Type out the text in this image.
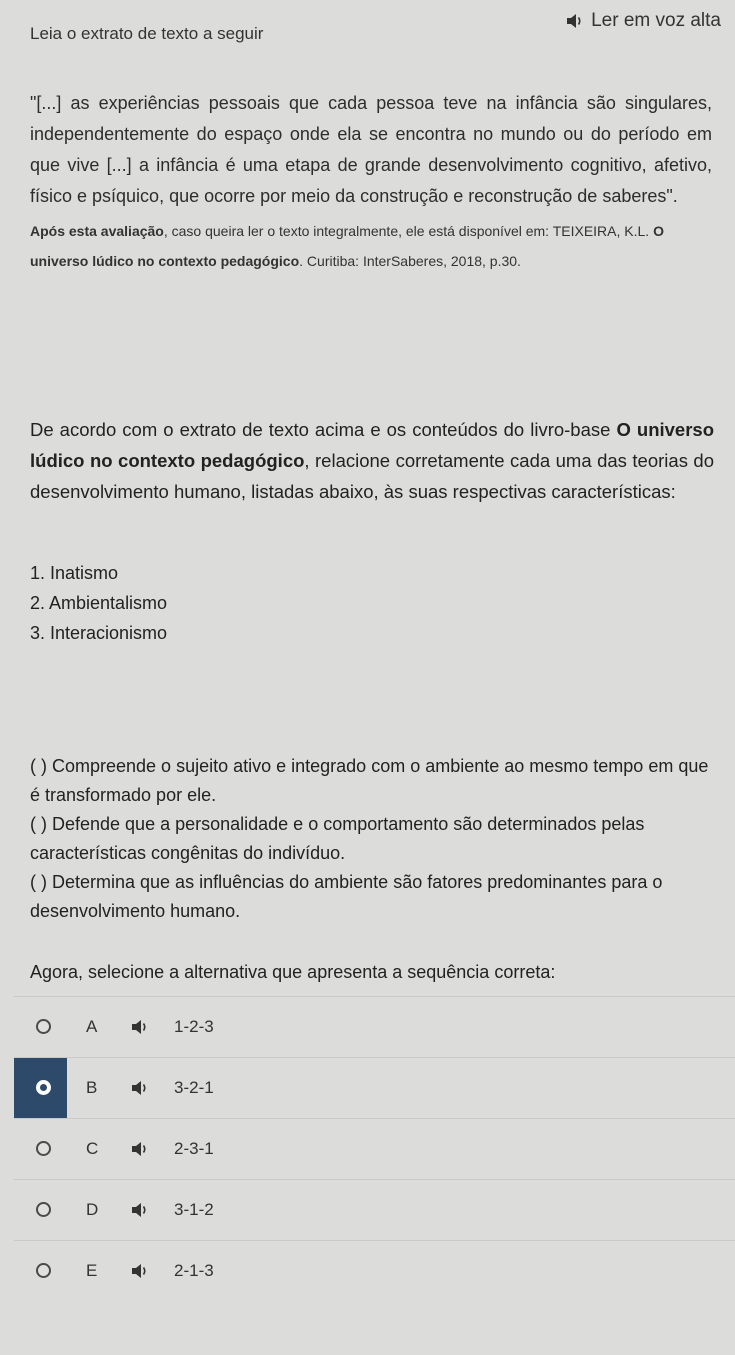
Ler em voz alta
Leia o extrato de texto a seguir
"[...] as experiências pessoais que cada pessoa teve na infância são singulares, independentemente do espaço onde ela se encontra no mundo ou do período em que vive [...] a infância é uma etapa de grande desenvolvimento cognitivo, afetivo, físico e psíquico, que ocorre por meio da construção e reconstrução de saberes".
Após esta avaliação, caso queira ler o texto integralmente, ele está disponível em: TEIXEIRA, K.L. O universo lúdico no contexto pedagógico. Curitiba: InterSaberes, 2018, p.30.
De acordo com o extrato de texto acima e os conteúdos do livro-base O universo lúdico no contexto pedagógico, relacione corretamente cada uma das teorias do desenvolvimento humano, listadas abaixo, às suas respectivas características:
1. Inatismo
2. Ambientalismo
3. Interacionismo
( ) Compreende o sujeito ativo e integrado com o ambiente ao mesmo tempo em que é transformado por ele.
( ) Defende que a personalidade e o comportamento são determinados pelas características congênitas do indivíduo.
( ) Determina que as influências do ambiente são fatores predominantes para o desenvolvimento humano.
Agora, selecione a alternativa que apresenta a sequência correta:
A	1-2-3
B	3-2-1
C	2-3-1
D	3-1-2
E	2-1-3
